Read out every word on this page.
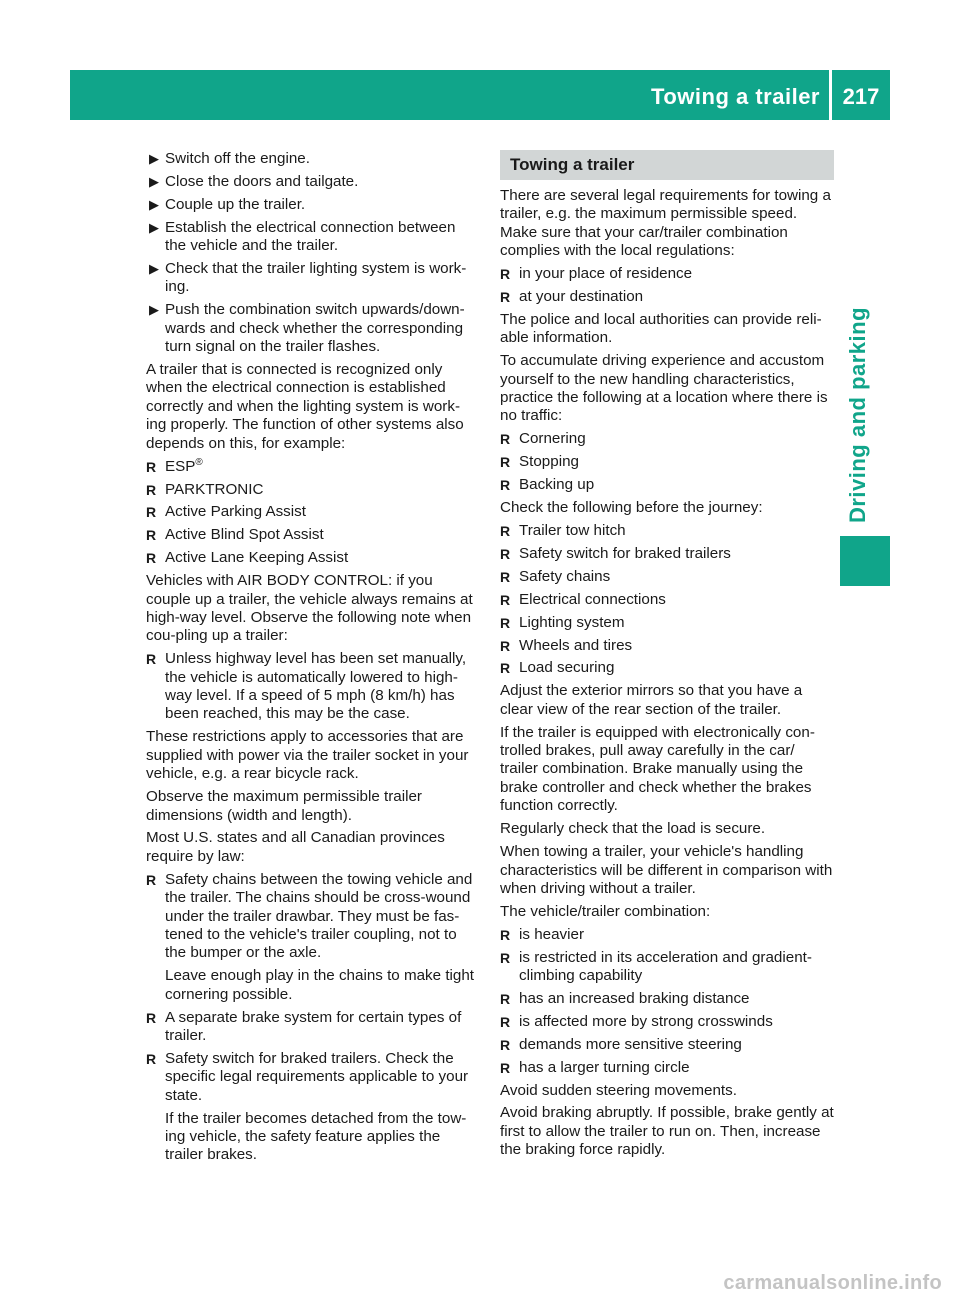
Towing a trailer 217
Driving and parking
▶ Switch off the engine.
▶ Close the doors and tailgate.
▶ Couple up the trailer.
▶ Establish the electrical connection between the vehicle and the trailer.
▶ Check that the trailer lighting system is work-ing.
▶ Push the combination switch upwards/down-wards and check whether the corresponding turn signal on the trailer flashes.

A trailer that is connected is recognized only when the electrical connection is established correctly and when the lighting system is work-ing properly. The function of other systems also depends on this, for example:

R ESP®
R PARKTRONIC
R Active Parking Assist
R Active Blind Spot Assist
R Active Lane Keeping Assist

Vehicles with AIR BODY CONTROL: if you couple up a trailer, the vehicle always remains at high-way level. Observe the following note when cou-pling up a trailer:

R Unless highway level has been set manually, the vehicle is automatically lowered to high-way level. If a speed of 5 mph (8 km/h) has been reached, this may be the case.

These restrictions apply to accessories that are supplied with power via the trailer socket in your vehicle, e.g. a rear bicycle rack.

Observe the maximum permissible trailer dimensions (width and length).

Most U.S. states and all Canadian provinces require by law:

R Safety chains between the towing vehicle and the trailer. The chains should be cross-wound under the trailer drawbar. They must be fas-tened to the vehicle's trailer coupling, not to the bumper or the axle.
Leave enough play in the chains to make tight cornering possible.
R A separate brake system for certain types of trailer.
R Safety switch for braked trailers. Check the specific legal requirements applicable to your state.
If the trailer becomes detached from the tow-ing vehicle, the safety feature applies the trailer brakes.
Towing a trailer

There are several legal requirements for towing a trailer, e.g. the maximum permissible speed. Make sure that your car/trailer combination complies with the local regulations:

R in your place of residence
R at your destination

The police and local authorities can provide reli-able information.

To accumulate driving experience and accustom yourself to the new handling characteristics, practice the following at a location where there is no traffic:

R Cornering
R Stopping
R Backing up

Check the following before the journey:

R Trailer tow hitch
R Safety switch for braked trailers
R Safety chains
R Electrical connections
R Lighting system
R Wheels and tires
R Load securing

Adjust the exterior mirrors so that you have a clear view of the rear section of the trailer.

If the trailer is equipped with electronically con-trolled brakes, pull away carefully in the car/ trailer combination. Brake manually using the brake controller and check whether the brakes function correctly.

Regularly check that the load is secure.

When towing a trailer, your vehicle's handling characteristics will be different in comparison with when driving without a trailer.

The vehicle/trailer combination:

R is heavier
R is restricted in its acceleration and gradient-climbing capability
R has an increased braking distance
R is affected more by strong crosswinds
R demands more sensitive steering
R has a larger turning circle

Avoid sudden steering movements.

Avoid braking abruptly. If possible, brake gently at first to allow the trailer to run on. Then, increase the braking force rapidly.

carmanualsonline.info
